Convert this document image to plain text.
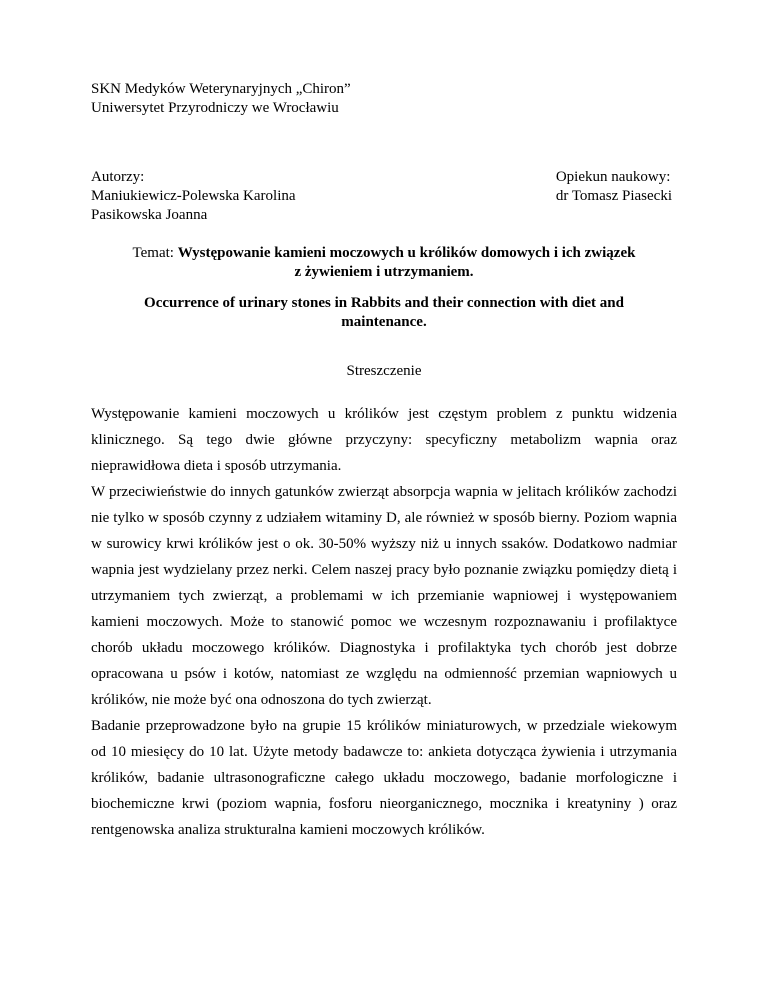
SKN Medyków Weterynaryjnych „Chiron”
Uniwersytet Przyrodniczy we Wrocławiu
Autorzy:
Maniukiewicz-Polewska Karolina
Pasikowska Joanna
Opiekun naukowy:
dr Tomasz Piasecki
Temat: Występowanie kamieni moczowych u królików domowych i ich związek
z żywieniem i utrzymaniem.
Occurrence of urinary stones in Rabbits and their connection with diet and
maintenance.
Streszczenie

Występowanie kamieni moczowych u królików jest częstym problem z punktu widzenia klinicznego. Są tego dwie główne przyczyny: specyficzny metabolizm wapnia oraz nieprawidłowa dieta i sposób utrzymania.

W przeciwieństwie do innych gatunków zwierząt absorpcja wapnia w jelitach królików zachodzi nie tylko w sposób czynny z udziałem witaminy D, ale również w sposób bierny. Poziom wapnia w surowicy krwi królików jest o ok. 30-50% wyższy niż u innych ssaków. Dodatkowo nadmiar wapnia jest wydzielany przez nerki. Celem naszej pracy było poznanie związku pomiędzy dietą i utrzymaniem tych zwierząt, a problemami w ich przemianie wapniowej i występowaniem kamieni moczowych. Może to stanowić pomoc we wczesnym rozpoznawaniu i profilaktyce chorób układu moczowego królików. Diagnostyka i profilaktyka tych chorób jest dobrze opracowana u psów i kotów, natomiast ze względu na odmienność przemian wapniowych u królików, nie może być ona odnoszona do tych zwierząt.

Badanie przeprowadzone było na grupie 15 królików miniaturowych, w przedziale wiekowym od 10 miesięcy do 10 lat. Użyte metody badawcze to: ankieta dotycząca żywienia i utrzymania królików, badanie ultrasonograficzne całego układu moczowego, badanie morfologiczne i biochemiczne krwi (poziom wapnia, fosforu nieorganicznego, mocznika i kreatyniny ) oraz rentgenowska analiza strukturalna kamieni moczowych królików.
